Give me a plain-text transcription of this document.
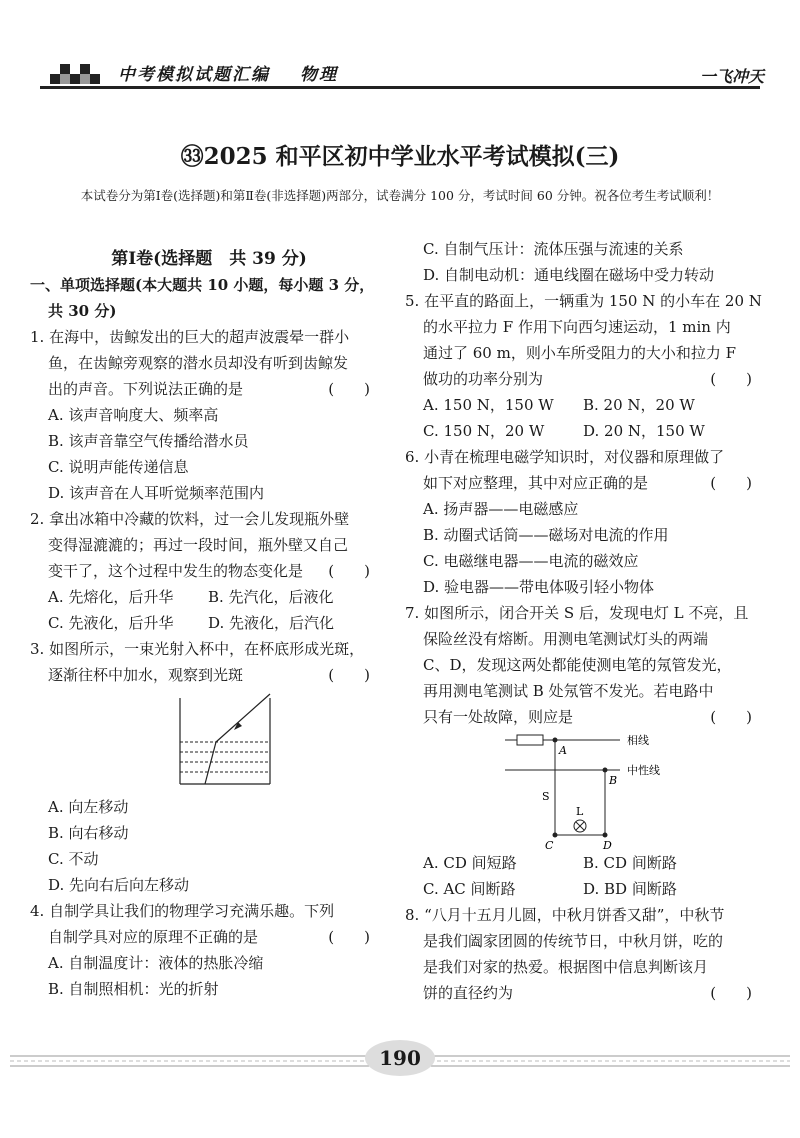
中考模拟试题汇编 物理	一飞冲天
㉝2025 和平区初中学业水平考试模拟(三)
本试卷分为第Ⅰ卷(选择题)和第Ⅱ卷(非选择题)两部分，试卷满分 100 分，考试时间 60 分钟。祝各位考生考试顺利！

第Ⅰ卷(选择题　共 39 分)

一、单项选择题(本大题共 10 小题，每小题 3 分，

共 30 分)

1. 在海中，齿鲸发出的巨大的超声波震晕一群小

鱼，在齿鲸旁观察的潜水员却没有听到齿鲸发

出的声音。下列说法正确的是	(　　)

A. 该声音响度大、频率高

B. 该声音靠空气传播给潜水员

C. 说明声能传递信息

D. 该声音在人耳听觉频率范围内

2. 拿出冰箱中冷藏的饮料，过一会儿发现瓶外壁

变得湿漉漉的；再过一段时间，瓶外壁又自己

变干了，这个过程中发生的物态变化是 (　　)

A. 先熔化，后升华	B. 先汽化，后液化

C. 先液化，后升华	D. 先液化，后汽化

3. 如图所示，一束光射入杯中，在杯底形成光斑，

逐渐往杯中加水，观察到光斑	(　　)

A. 向左移动

B. 向右移动

C. 不动

D. 先向右后向左移动

4. 自制学具让我们的物理学习充满乐趣。下列

自制学具对应的原理不正确的是	(　　)

A. 自制温度计：液体的热胀冷缩

B. 自制照相机：光的折射

C. 自制气压计：流体压强与流速的关系

D. 自制电动机：通电线圈在磁场中受力转动

5. 在平直的路面上，一辆重为 150 N 的小车在 20 N

的水平拉力 F 作用下向西匀速运动，1 min 内

通过了 60 m，则小车所受阻力的大小和拉力 F

做功的功率分别为	(　　)

A. 150 N，150 W	B. 20 N，20 W

C. 150 N，20 W	D. 20 N，150 W

6. 小青在梳理电磁学知识时，对仪器和原理做了

如下对应整理，其中对应正确的是	(　　)

A. 扬声器——电磁感应

B. 动圈式话筒——磁场对电流的作用

C. 电磁继电器——电流的磁效应

D. 验电器——带电体吸引轻小物体

7. 如图所示，闭合开关 S 后，发现电灯 L 不亮，且

保险丝没有熔断。用测电笔测试灯头的两端

C、D，发现这两处都能使测电笔的氖管发光，

再用测电笔测试 B 处氖管不发光。若电路中

只有一处故障，则应是	(　　)

相线
中性线
A
B
S
C	D
L

A. CD 间短路	B. CD 间断路

C. AC 间断路	D. BD 间断路

8. “八月十五月儿圆，中秋月饼香又甜”，中秋节

是我们阖家团圆的传统节日，中秋月饼，吃的

是我们对家的热爱。根据图中信息判断该月

饼的直径约为	(　　)

190
